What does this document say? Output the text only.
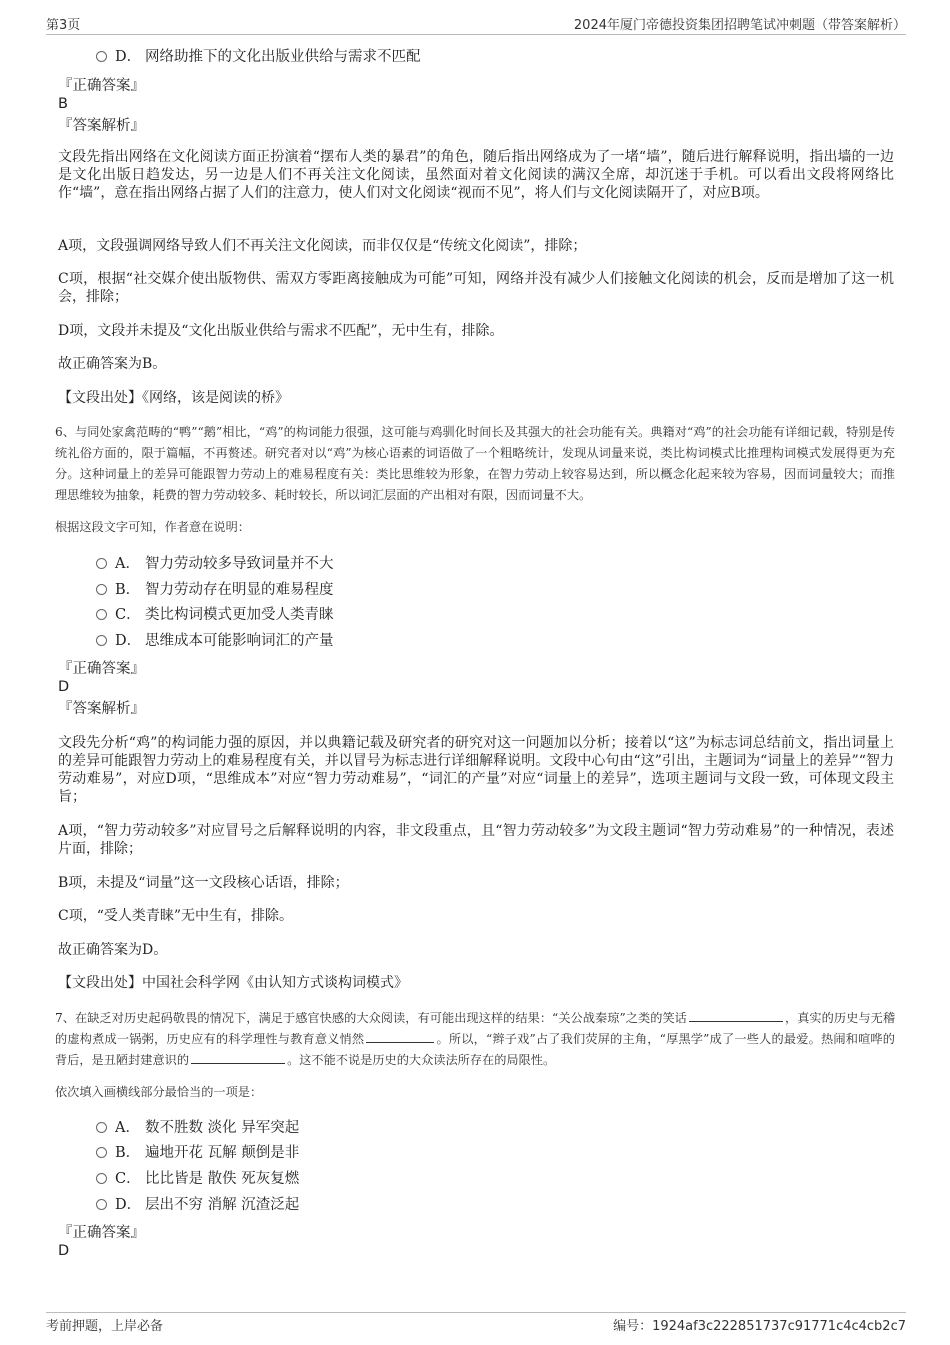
第3页	2024年厦门帝德投资集团招聘笔试冲刺题（带答案解析）
D． 网络助推下的文化出版业供给与需求不匹配
『正确答案』
B
『答案解析』
文段先指出网络在文化阅读方面正扮演着“摆布人类的暴君”的角色，随后指出网络成为了一堵“墙”，随后进行解释说明，指出墙的一边是文化出版日趋发达，另一边是人们不再关注文化阅读，虽然面对着文化阅读的满汉全席，却沉迷于手机。可以看出文段将网络比作“墙”，意在指出网络占据了人们的注意力，使人们对文化阅读“视而不见”，将人们与文化阅读隔开了，对应B项。
A项，文段强调网络导致人们不再关注文化阅读，而非仅仅是“传统文化阅读”，排除；
C项，根据“社交媒介使出版物供、需双方零距离接触成为可能”可知，网络并没有减少人们接触文化阅读的机会，反而是增加了这一机会，排除；
D项，文段并未提及“文化出版业供给与需求不匹配”，无中生有，排除。
故正确答案为B。
【文段出处】《网络，该是阅读的桥》
6、与同处家禽范畴的“鸭”“鹅”相比，“鸡”的构词能力很强，这可能与鸡驯化时间长及其强大的社会功能有关。典籍对“鸡”的社会功能有详细记载，特别是传统礼俗方面的，限于篇幅，不再赘述。研究者对以“鸡”为核心语素的词语做了一个粗略统计，发现从词量来说，类比构词模式比推理构词模式发展得更为充分。这种词量上的差异可能跟智力劳动上的难易程度有关：类比思维较为形象，在智力劳动上较容易达到，所以概念化起来较为容易，因而词量较大；而推理思维较为抽象，耗费的智力劳动较多、耗时较长，所以词汇层面的产出相对有限，因而词量不大。
根据这段文字可知，作者意在说明：
A． 智力劳动较多导致词量并不大
B． 智力劳动存在明显的难易程度
C． 类比构词模式更加受人类青睐
D． 思维成本可能影响词汇的产量
『正确答案』
D
『答案解析』
文段先分析“鸡”的构词能力强的原因，并以典籍记载及研究者的研究对这一问题加以分析；接着以“这”为标志词总结前文，指出词量上的差异可能跟智力劳动上的难易程度有关，并以冒号为标志进行详细解释说明。文段中心句由“这”引出，主题词为“词量上的差异”“智力劳动难易”，对应D项，“思维成本”对应“智力劳动难易”，“词汇的产量”对应“词量上的差异”，选项主题词与文段一致，可体现文段主旨；
A项，“智力劳动较多”对应冒号之后解释说明的内容，非文段重点，且“智力劳动较多”为文段主题词“智力劳动难易”的一种情况，表述片面，排除；
B项，未提及“词量”这一文段核心话语，排除；
C项，“受人类青睐”无中生有，排除。
故正确答案为D。
【文段出处】中国社会科学网《由认知方式谈构词模式》
7、在缺乏对历史起码敬畏的情况下，满足于感官快感的大众阅读，有可能出现这样的结果：“关公战秦琼”之类的笑话	，真实的历史与无稽的虚构煮成一锅粥，历史应有的科学理性与教育意义悄然	。所以，“辫子戏”占了我们荧屏的主角，“厚黑学”成了一些人的最爱。热闹和喧哗的背后，是丑陋封建意识的	。这不能不说是历史的大众读法所存在的局限性。
依次填入画横线部分最恰当的一项是：
A． 数不胜数 淡化 异军突起
B． 遍地开花 瓦解 颠倒是非
C． 比比皆是 散佚 死灰复燃
D． 层出不穷 消解 沉渣泛起
『正确答案』
D
考前押题，上岸必备	编号：1924af3c222851737c91771c4c4cb2c7
